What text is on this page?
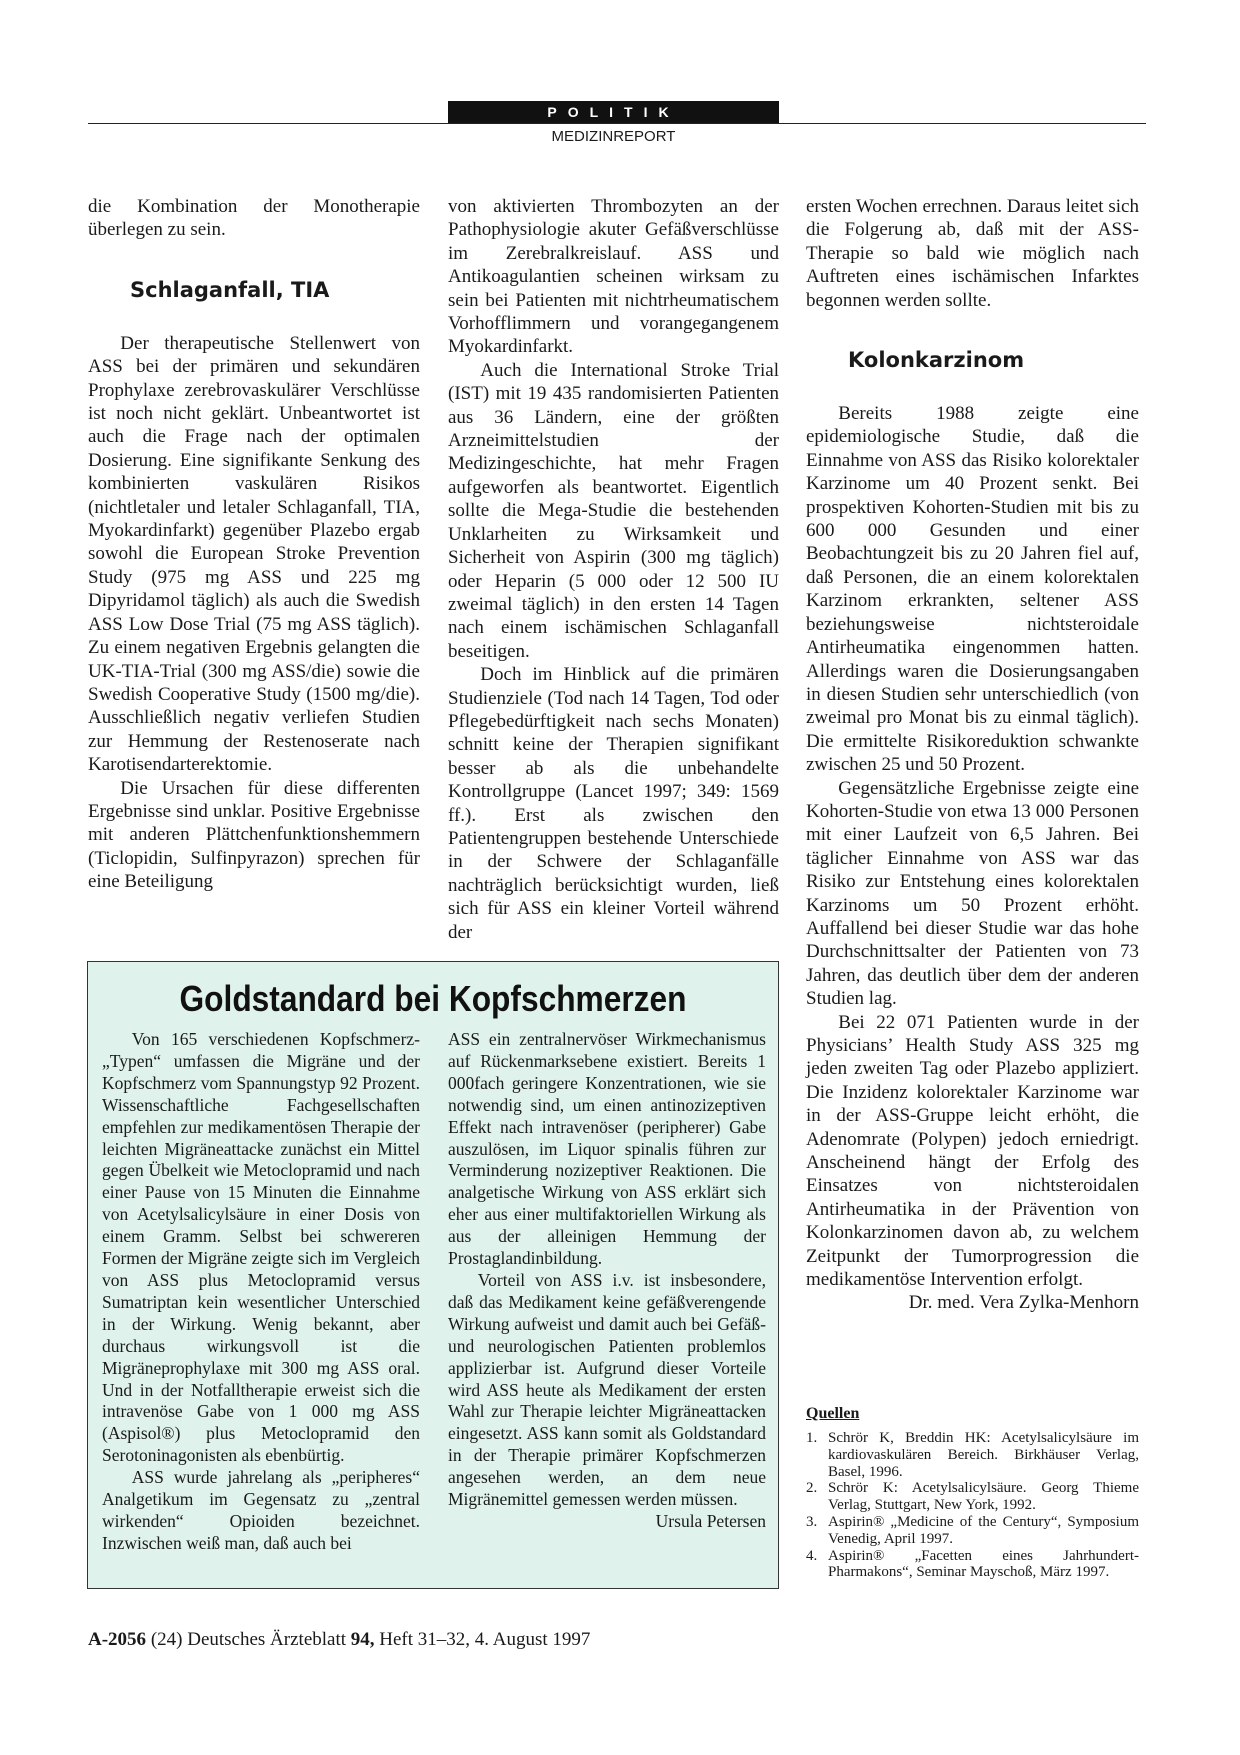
POLITIK
MEDIZINREPORT

die Kombination der Monotherapie überlegen zu sein.

Schlaganfall, TIA

Der therapeutische Stellenwert von ASS bei der primären und sekundären Prophylaxe zerebrovaskulärer Verschlüsse ist noch nicht geklärt. Unbeantwortet ist auch die Frage nach der optimalen Dosierung. Eine signifikante Senkung des kombinierten vaskulären Risikos (nichtletaler und letaler Schlaganfall, TIA, Myokardinfarkt) gegenüber Plazebo ergab sowohl die European Stroke Prevention Study (975 mg ASS und 225 mg Dipyridamol täglich) als auch die Swedish ASS Low Dose Trial (75 mg ASS täglich). Zu einem negativen Ergebnis gelangten die UK-TIA-Trial (300 mg ASS/die) sowie die Swedish Cooperative Study (1500 mg/die). Ausschließlich negativ verliefen Studien zur Hemmung der Restenoserate nach Karotisendarterektomie.

Die Ursachen für diese differenten Ergebnisse sind unklar. Positive Ergebnisse mit anderen Plättchenfunktionshemmern (Ticlopidin, Sulfinpyrazon) sprechen für eine Beteiligung

von aktivierten Thrombozyten an der Pathophysiologie akuter Gefäßverschlüsse im Zerebralkreislauf. ASS und Antikoagulantien scheinen wirksam zu sein bei Patienten mit nichtrheumatischem Vorhofflimmern und vorangegangenem Myokardinfarkt.

Auch die International Stroke Trial (IST) mit 19 435 randomisierten Patienten aus 36 Ländern, eine der größten Arzneimittelstudien der Medizingeschichte, hat mehr Fragen aufgeworfen als beantwortet. Eigentlich sollte die Mega-Studie die bestehenden Unklarheiten zu Wirksamkeit und Sicherheit von Aspirin (300 mg täglich) oder Heparin (5 000 oder 12 500 IU zweimal täglich) in den ersten 14 Tagen nach einem ischämischen Schlaganfall beseitigen.

Doch im Hinblick auf die primären Studienziele (Tod nach 14 Tagen, Tod oder Pflegebedürftigkeit nach sechs Monaten) schnitt keine der Therapien signifikant besser ab als die unbehandelte Kontrollgruppe (Lancet 1997; 349: 1569 ff.). Erst als zwischen den Patientengruppen bestehende Unterschiede in der Schwere der Schlaganfälle nachträglich berücksichtigt wurden, ließ sich für ASS ein kleiner Vorteil während der

ersten Wochen errechnen. Daraus leitet sich die Folgerung ab, daß mit der ASS-Therapie so bald wie möglich nach Auftreten eines ischämischen Infarktes begonnen werden sollte.

Kolonkarzinom

Bereits 1988 zeigte eine epidemiologische Studie, daß die Einnahme von ASS das Risiko kolorektaler Karzinome um 40 Prozent senkt. Bei prospektiven Kohorten-Studien mit bis zu 600 000 Gesunden und einer Beobachtungzeit bis zu 20 Jahren fiel auf, daß Personen, die an einem kolorektalen Karzinom erkrankten, seltener ASS beziehungsweise nichtsteroidale Antirheumatika eingenommen hatten. Allerdings waren die Dosierungsangaben in diesen Studien sehr unterschiedlich (von zweimal pro Monat bis zu einmal täglich). Die ermittelte Risikoreduktion schwankte zwischen 25 und 50 Prozent.

Gegensätzliche Ergebnisse zeigte eine Kohorten-Studie von etwa 13 000 Personen mit einer Laufzeit von 6,5 Jahren. Bei täglicher Einnahme von ASS war das Risiko zur Entstehung eines kolorektalen Karzinoms um 50 Prozent erhöht. Auffallend bei dieser Studie war das hohe Durchschnittsalter der Patienten von 73 Jahren, das deutlich über dem der anderen Studien lag.

Bei 22 071 Patienten wurde in der Physicians’ Health Study ASS 325 mg jeden zweiten Tag oder Plazebo appliziert. Die Inzidenz kolorektaler Karzinome war in der ASS-Gruppe leicht erhöht, die Adenomrate (Polypen) jedoch erniedrigt. Anscheinend hängt der Erfolg des Einsatzes von nichtsteroidalen Antirheumatika in der Prävention von Kolonkarzinomen davon ab, zu welchem Zeitpunkt der Tumorprogression die medikamentöse Intervention erfolgt.

Dr. med. Vera Zylka-Menhorn
Goldstandard bei Kopfschmerzen

Von 165 verschiedenen Kopfschmerz-„Typen“ umfassen die Migräne und der Kopfschmerz vom Spannungstyp 92 Prozent. Wissenschaftliche Fachgesellschaften empfehlen zur medikamentösen Therapie der leichten Migräneattacke zunächst ein Mittel gegen Übelkeit wie Metoclopramid und nach einer Pause von 15 Minuten die Einnahme von Acetylsalicylsäure in einer Dosis von einem Gramm. Selbst bei schwereren Formen der Migräne zeigte sich im Vergleich von ASS plus Metoclopramid versus Sumatriptan kein wesentlicher Unterschied in der Wirkung. Wenig bekannt, aber durchaus wirkungsvoll ist die Migräneprophylaxe mit 300 mg ASS oral. Und in der Notfalltherapie erweist sich die intravenöse Gabe von 1 000 mg ASS (Aspisol®) plus Metoclopramid den Serotoninagonisten als ebenbürtig.

ASS wurde jahrelang als „peripheres“ Analgetikum im Gegensatz zu „zentral wirkenden“ Opioiden bezeichnet. Inzwischen weiß man, daß auch bei

ASS ein zentralnervöser Wirkmechanismus auf Rückenmarksebene existiert. Bereits 1 000fach geringere Konzentrationen, wie sie notwendig sind, um einen antinozizeptiven Effekt nach intravenöser (peripherer) Gabe auszulösen, im Liquor spinalis führen zur Verminderung nozizeptiver Reaktionen. Die analgetische Wirkung von ASS erklärt sich eher aus einer multifaktoriellen Wirkung als aus der alleinigen Hemmung der Prostaglandinbildung.

Vorteil von ASS i.v. ist insbesondere, daß das Medikament keine gefäßverengende Wirkung aufweist und damit auch bei Gefäß- und neurologischen Patienten problemlos applizierbar ist. Aufgrund dieser Vorteile wird ASS heute als Medikament der ersten Wahl zur Therapie leichter Migräneattacken eingesetzt. ASS kann somit als Goldstandard in der Therapie primärer Kopfschmerzen angesehen werden, an dem neue Migränemittel gemessen werden müssen.
Ursula Petersen

Quellen
1. Schrör K, Breddin HK: Acetylsalicylsäure im kardiovaskulären Bereich. Birkhäuser Verlag, Basel, 1996.
2. Schrör K: Acetylsalicylsäure. Georg Thieme Verlag, Stuttgart, New York, 1992.
3. Aspirin® „Medicine of the Century“, Symposium Venedig, April 1997.
4. Aspirin® „Facetten eines Jahrhundert-Pharmakons“, Seminar Mayschoß, März 1997.
A-2056 (24) Deutsches Ärzteblatt 94, Heft 31–32, 4. August 1997
